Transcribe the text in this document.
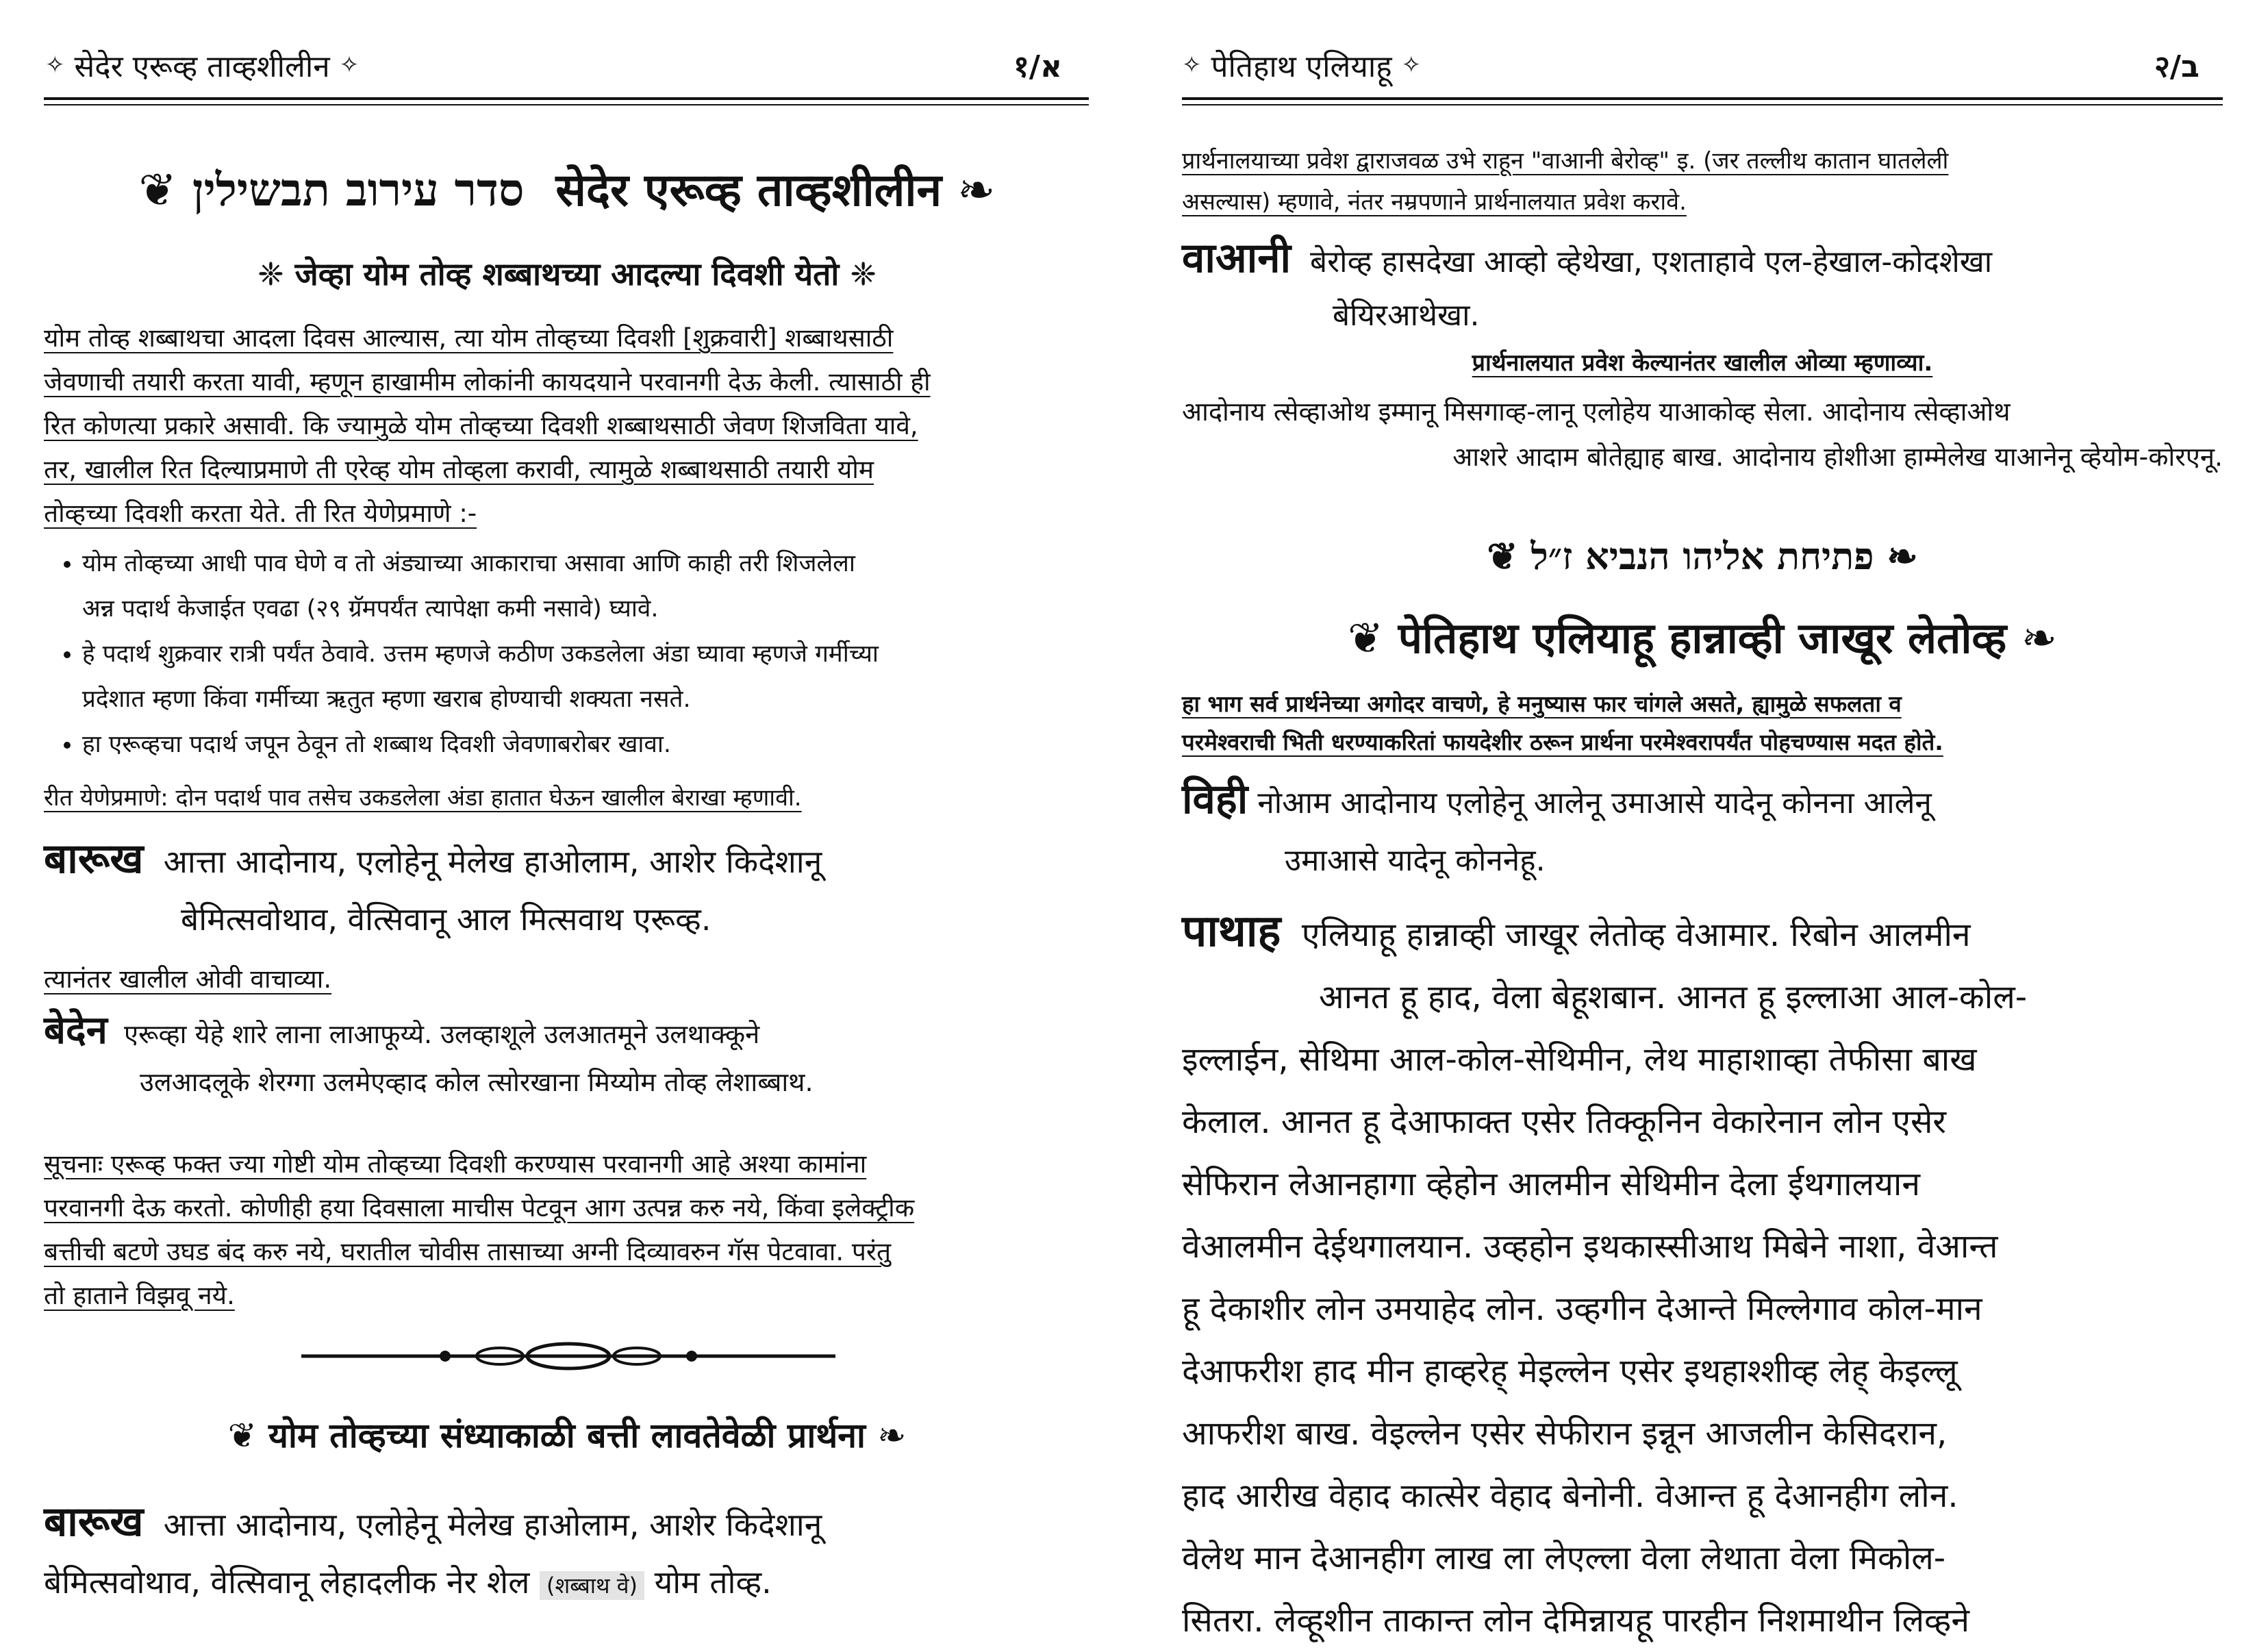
✧ सेदेर एरूव्ह ताव्हशीलीन ✧	१/א
❦ סדר עירוב תבשילין सेदेर एरूव्ह ताव्हशीलीन ❧
❈ जेव्हा योम तोव्ह शब्बाथच्या आदल्या दिवशी येतो ❈
योम तोव्ह शब्बाथचा आदला दिवस आल्यास, त्या योम तोव्हच्या दिवशी [शुक्रवारी] शब्बाथसाठी
जेवणाची तयारी करता यावी, म्हणून हाखामीम लोकांनी कायदयाने परवानगी देऊ केली. त्यासाठी ही
रित कोणत्या प्रकारे असावी. कि ज्यामुळे योम तोव्हच्या दिवशी शब्बाथसाठी जेवण शिजविता यावे,
तर, खालील रित दिल्याप्रमाणे ती एरेव्ह योम तोव्हला करावी, त्यामुळे शब्बाथसाठी तयारी योम
तोव्हच्या दिवशी करता येते. ती रित येणेप्रमाणे :-
• योम तोव्हच्या आधी पाव घेणे व तो अंड्याच्या आकाराचा असावा आणि काही तरी शिजलेला
अन्न पदार्थ केजाईत एवढा (२९ ग्रॅमपर्यंत त्यापेक्षा कमी नसावे) घ्यावे.
• हे पदार्थ शुक्रवार रात्री पर्यंत ठेवावे. उत्तम म्हणजे कठीण उकडलेला अंडा घ्यावा म्हणजे गर्मीच्या
प्रदेशात म्हणा किंवा गर्मीच्या ऋतुत म्हणा खराब होण्याची शक्यता नसते.
• हा एरूव्हचा पदार्थ जपून ठेवून तो शब्बाथ दिवशी जेवणाबरोबर खावा.
रीत येणेप्रमाणे: दोन पदार्थ पाव तसेच उकडलेला अंडा हातात घेऊन खालील बेराखा म्हणावी.
बारूख आत्ता आदोनाय, एलोहेनू मेलेख हाओलाम, आशेर किदेशानू
बेमित्सवोथाव, वेत्सिवानू आल मित्सवाथ एरूव्ह.
त्यानंतर खालील ओवी वाचाव्या.
बेदेन एरूव्हा येहे शारे लाना लाआफूय्ये. उलव्हाशूले उलआतमूने उलथाक्कूने
उलआदलूके शेरग्गा उलमेएव्हाद कोल त्सोरखाना मिय्योम तोव्ह लेशाब्बाथ.
सूचनाः एरूव्ह फक्त ज्या गोष्टी योम तोव्हच्या दिवशी करण्यास परवानगी आहे अश्या कामांना
परवानगी देऊ करतो. कोणीही हया दिवसाला माचीस पेटवून आग उत्पन्न करु नये, किंवा इलेक्ट्रीक
बत्तीची बटणे उघड बंद करु नये, घरातील चोवीस तासाच्या अग्नी दिव्यावरुन गॅस पेटवावा. परंतु
तो हाताने विझवू नये.
❦ योम तोव्हच्या संध्याकाळी बत्ती लावतेवेळी प्रार्थना ❧
बारूख आत्ता आदोनाय, एलोहेनू मेलेख हाओलाम, आशेर किदेशानू
बेमित्सवोथाव, वेत्सिवानू लेहादलीक नेर शेल (शब्बाथ वे) योम तोव्ह.
✧ पेतिहाथ एलियाहू ✧	२/ב
प्रार्थनालयाच्या प्रवेश द्वाराजवळ उभे राहून "वाआनी बेरोव्ह" इ. (जर तल्लीथ कातान घातलेली
असल्यास) म्हणावे, नंतर नम्रपणाने प्रार्थनालयात प्रवेश करावे.
वाआनी बेरोव्ह हासदेखा आव्हो व्हेथेखा, एशताहावे एल-हेखाल-कोदशेखा
बेयिरआथेखा.
प्रार्थनालयात प्रवेश केल्यानंतर खालील ओव्या म्हणाव्या.
आदोनाय त्सेव्हाओथ इम्मानू मिसगाव्ह-लानू एलोहेय याआकोव्ह सेला. आदोनाय त्सेव्हाओथ
आशरे आदाम बोतेह्याह बाख. आदोनाय होशीआ हाम्मेलेख याआनेनू व्हेयोम-कोरएनू.
❦ פתיחת אליהו הנביא ז״ל ❧
❦ पेतिहाथ एलियाहू हान्नाव्ही जाखूर लेतोव्ह ❧
हा भाग सर्व प्रार्थनेच्या अगोदर वाचणे, हे मनुष्यास फार चांगले असते, ह्यामुळे सफलता व
परमेश्वराची भिती धरण्याकरितां फायदेशीर ठरून प्रार्थना परमेश्वरापर्यंत पोहचण्यास मदत होते.
विही नोआम आदोनाय एलोहेनू आलेनू उमाआसे यादेनू कोनना आलेनू
उमाआसे यादेनू कोननेहू.
पाथाह एलियाहू हान्नाव्ही जाखूर लेतोव्ह वेआमार. रिबोन आलमीन
आनत हू हाद, वेला बेहूशबान. आनत हू इल्लाआ आल-कोल-
इल्लाईन, सेथिमा आल-कोल-सेथिमीन, लेथ माहाशाव्हा तेफीसा बाख
केलाल. आनत हू देआफाक्त एसेर तिक्कूनिन वेकारेनान लोन एसेर
सेफिरान लेआनहागा व्हेहोन आलमीन सेथिमीन देला ईथगालयान
वेआलमीन देईथगालयान. उव्हहोन इथकास्सीआथ मिबेने नाशा, वेआन्त
हू देकाशीर लोन उमयाहेद लोन. उव्हगीन देआन्ते मिल्लेगाव कोल-मान
देआफरीश हाद मीन हाव्हरेह् मेइल्लेन एसेर इथहाश्शीव्ह लेह् केइल्लू
आफरीश बाख. वेइल्लेन एसेर सेफीरान इन्नून आजलीन केसिदरान,
हाद आरीख वेहाद कात्सेर वेहाद बेनोनी. वेआन्त हू देआनहीग लोन.
वेलेथ मान देआनहीग लाख ला लेएल्ला वेला लेथाता वेला मिकोल-
सितरा. लेव्हूशीन ताकान्त लोन देमिन्नायहू पारहीन निशमाथीन लिव्हने
